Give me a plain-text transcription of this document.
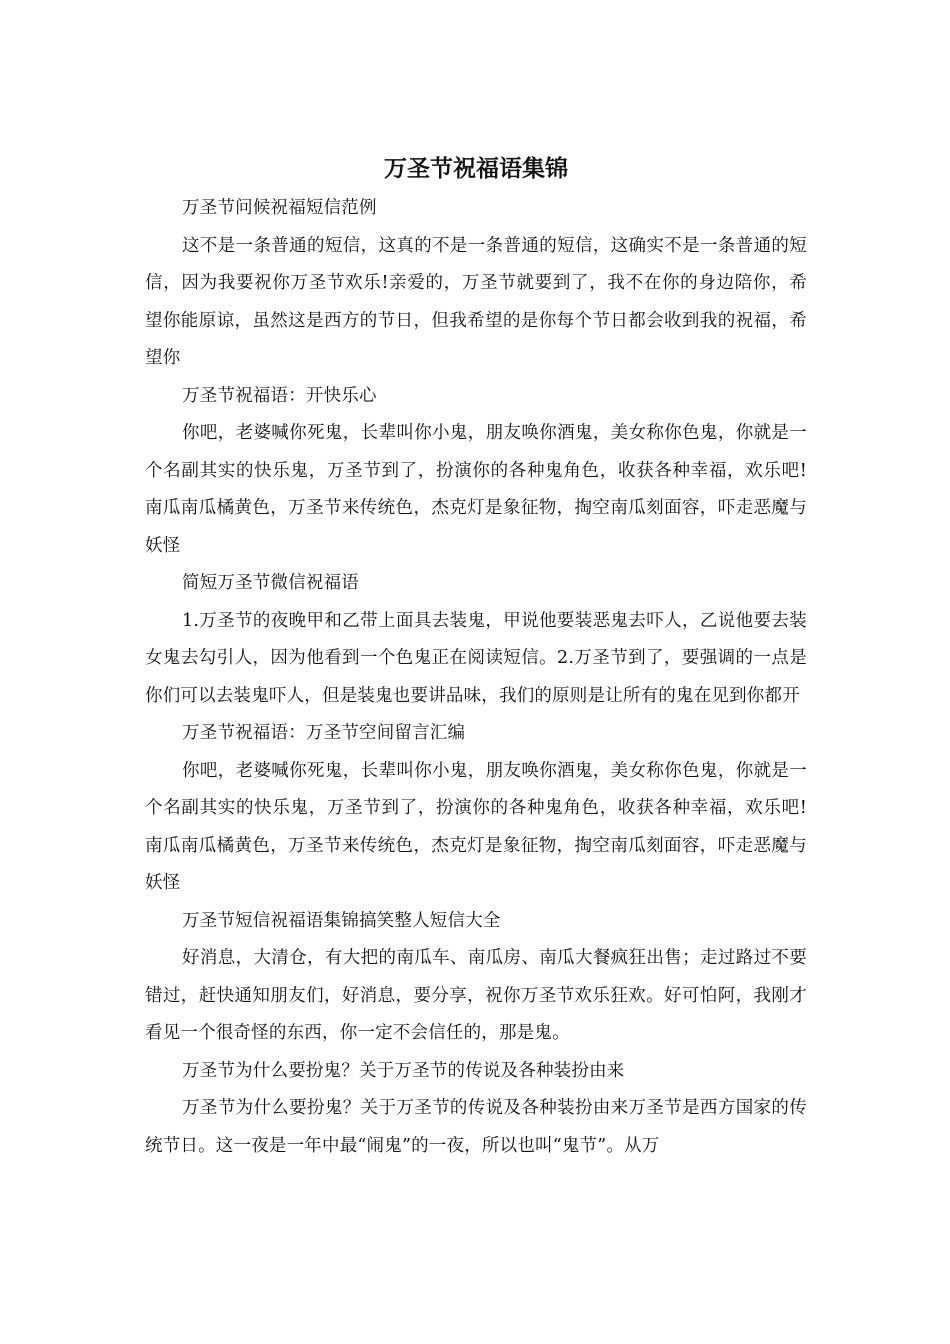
万圣节祝福语集锦

万圣节问候祝福短信范例

这不是一条普通的短信，这真的不是一条普通的短信，这确实不是一条普通的短信，因为我要祝你万圣节欢乐!亲爱的，万圣节就要到了，我不在你的身边陪你，希望你能原谅，虽然这是西方的节日，但我希望的是你每个节日都会收到我的祝福，希望你

万圣节祝福语：开快乐心

你吧，老婆喊你死鬼，长辈叫你小鬼，朋友唤你酒鬼，美女称你色鬼，你就是一个名副其实的快乐鬼，万圣节到了，扮演你的各种鬼角色，收获各种幸福，欢乐吧!南瓜南瓜橘黄色，万圣节来传统色，杰克灯是象征物，掏空南瓜刻面容，吓走恶魔与妖怪

简短万圣节微信祝福语

1.万圣节的夜晚甲和乙带上面具去装鬼，甲说他要装恶鬼去吓人，乙说他要去装女鬼去勾引人，因为他看到一个色鬼正在阅读短信。2.万圣节到了，要强调的一点是你们可以去装鬼吓人，但是装鬼也要讲品味，我们的原则是让所有的鬼在见到你都开

万圣节祝福语：万圣节空间留言汇编

你吧，老婆喊你死鬼，长辈叫你小鬼，朋友唤你酒鬼，美女称你色鬼，你就是一个名副其实的快乐鬼，万圣节到了，扮演你的各种鬼角色，收获各种幸福，欢乐吧!南瓜南瓜橘黄色，万圣节来传统色，杰克灯是象征物，掏空南瓜刻面容，吓走恶魔与妖怪

万圣节短信祝福语集锦搞笑整人短信大全

好消息，大清仓，有大把的南瓜车、南瓜房、南瓜大餐疯狂出售；走过路过不要错过，赶快通知朋友们，好消息，要分享，祝你万圣节欢乐狂欢。好可怕阿，我刚才看见一个很奇怪的东西，你一定不会信任的，那是鬼。

万圣节为什么要扮鬼？关于万圣节的传说及各种装扮由来

万圣节为什么要扮鬼？关于万圣节的传说及各种装扮由来万圣节是西方国家的传统节日。这一夜是一年中最“闹鬼”的一夜，所以也叫“鬼节”。从万
